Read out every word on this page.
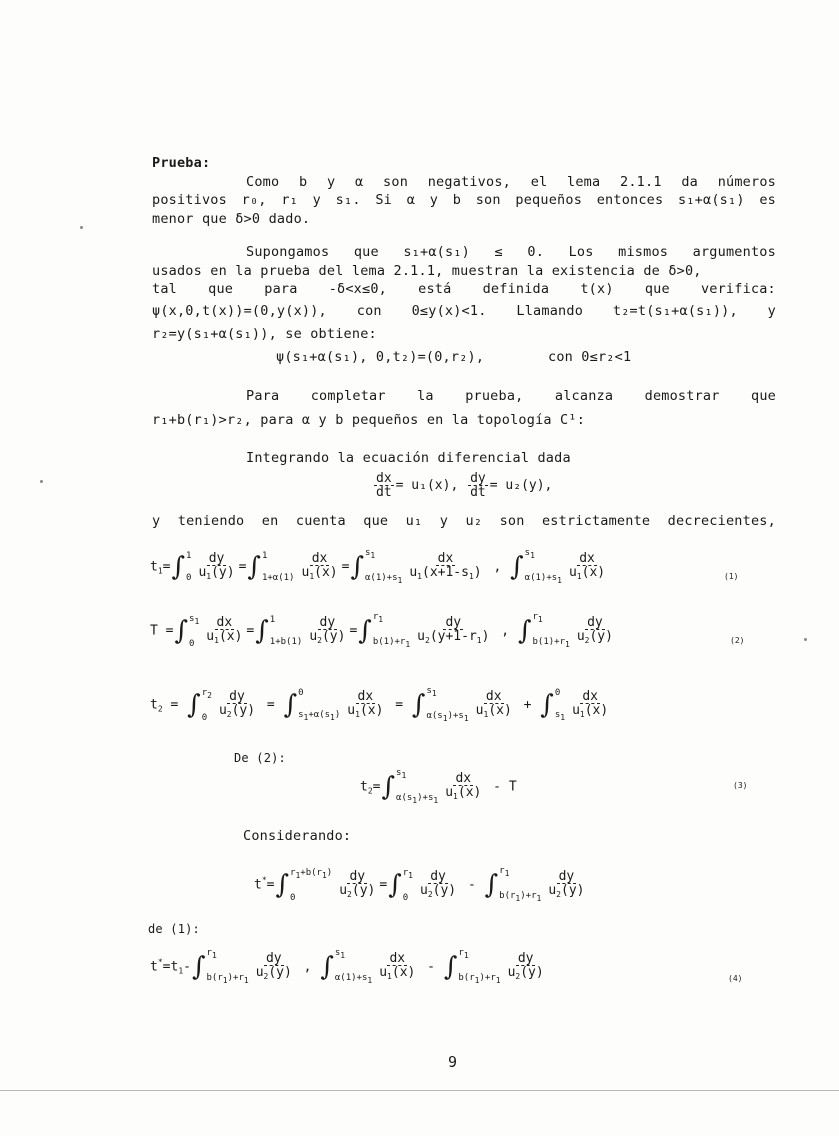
Prueba:
Como b y α son negativos, el lema 2.1.1 da números
positivos r₀, r₁ y s₁. Si α y b son pequeños entonces s₁+α(s₁) es
menor que δ>0 dado.
Supongamos que s₁+α(s₁) ≤ 0. Los mismos argumentos
usados en la prueba del lema 2.1.1, muestran la existencia de δ>0,
tal que para -δ<x≤0, está definida t(x) que verifica:
ψ(x,0,t(x))=(0,y(x)), con 0≤y(x)<1. Llamando t₂=t(s₁+α(s₁)), y
r₂=y(s₁+α(s₁)), se obtiene:
ψ(s₁+α(s₁), 0,t₂)=(0,r₂),	con 0≤r₂<1
Para completar la prueba, alcanza demostrar que
r₁+b(r₁)>r₂, para α y b pequeños en la topología C¹:
Integrando la ecuación diferencial dada
$\frac{dx}{dt} = u_1(x)$, $\frac{dy}{dt} = u_2(y)$,
y teniendo en cuenta que u₁ y u₂ son estrictamente decrecientes,
$t_1=\int$ 1
$0 \frac{dy}{u_1(y)}$ =∫ 1
$1+\alpha(1) \frac{dx}{u_1(x)}$ =∫ s1
$\alpha(1)+s1 \frac{dx}{u_1(x+1-s_1)}$ , ∫ s1
$\alpha(1)+s1 \frac{dx}{u_1(x)}$	(1)
T =∫ s1
$0 \frac{dx}{u_1(x)}$ =∫ 1
$1+b(1) \frac{dy}{u_2(y)}$ =∫ r1
$b(1)+r1 \frac{dy}{u_2(y+1-r_1)}$ , ∫ r1
$b(1)+r1 \frac{dy}{u_2(y)}$	(2)
$t_2$ = ∫ r2
$0 \frac{dy}{u_2(y)}$ = ∫ 0
$s1+\alpha(s1) \frac{dx}{u_1(x)}$ = ∫ s1
$\alpha(s1)+s1 \frac{dx}{u_1(x)}$ + ∫ 0
$s1 \frac{dx}{u_1(x)}$
De (2):
$t_2=\int$ s1
$\alpha(s1)+s1 \frac{dx}{u_1(x)} - T$	(3)
Considerando:
t*=∫ r1+b(r1)
0	$\frac{dy}{u_2(y)}$ =∫ r1
$0 \frac{dy}{u_2(y)}$ - ∫ r1
$b(r1)+r1 \frac{dy}{u_2(y)}$
de (1):
$t^*=t_1-\int$ r1
$b(r1)+r1 \frac{dy}{u_2(y)}$ , ∫ s1
$\alpha(1)+s1 \frac{dx}{u_1(x)}$ - ∫ r1
$b(r1)+r1 \frac{dy}{u_2(y)}$	(4)
9
